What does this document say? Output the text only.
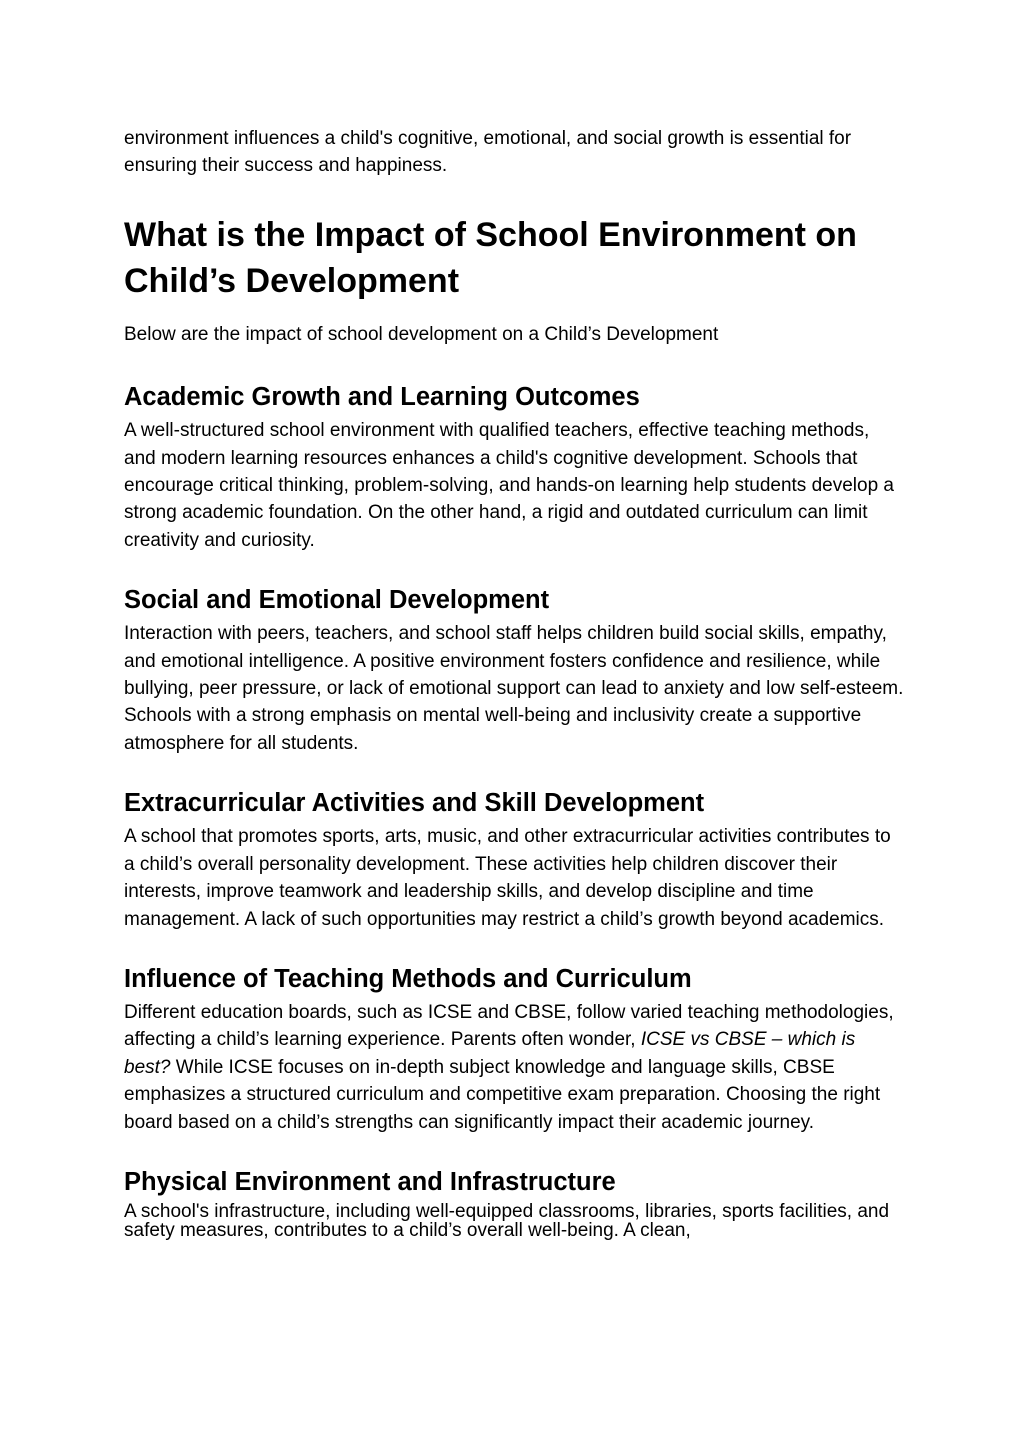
environment influences a child's cognitive, emotional, and social growth is essential for ensuring their success and happiness.

What is the Impact of School Environment on Child’s Development

Below are the impact of school development on a Child’s Development

Academic Growth and Learning Outcomes

A well-structured school environment with qualified teachers, effective teaching methods, and modern learning resources enhances a child's cognitive development. Schools that encourage critical thinking, problem-solving, and hands-on learning help students develop a strong academic foundation. On the other hand, a rigid and outdated curriculum can limit creativity and curiosity.

Social and Emotional Development

Interaction with peers, teachers, and school staff helps children build social skills, empathy, and emotional intelligence. A positive environment fosters confidence and resilience, while bullying, peer pressure, or lack of emotional support can lead to anxiety and low self-esteem. Schools with a strong emphasis on mental well-being and inclusivity create a supportive atmosphere for all students.

Extracurricular Activities and Skill Development

A school that promotes sports, arts, music, and other extracurricular activities contributes to a child’s overall personality development. These activities help children discover their interests, improve teamwork and leadership skills, and develop discipline and time management. A lack of such opportunities may restrict a child’s growth beyond academics.

Influence of Teaching Methods and Curriculum

Different education boards, such as ICSE and CBSE, follow varied teaching methodologies, affecting a child’s learning experience. Parents often wonder, ICSE vs CBSE – which is best? While ICSE focuses on in-depth subject knowledge and language skills, CBSE emphasizes a structured curriculum and competitive exam preparation. Choosing the right board based on a child’s strengths can significantly impact their academic journey.

Physical Environment and Infrastructure

A school's infrastructure, including well-equipped classrooms, libraries, sports facilities, and safety measures, contributes to a child’s overall well-being. A clean,
